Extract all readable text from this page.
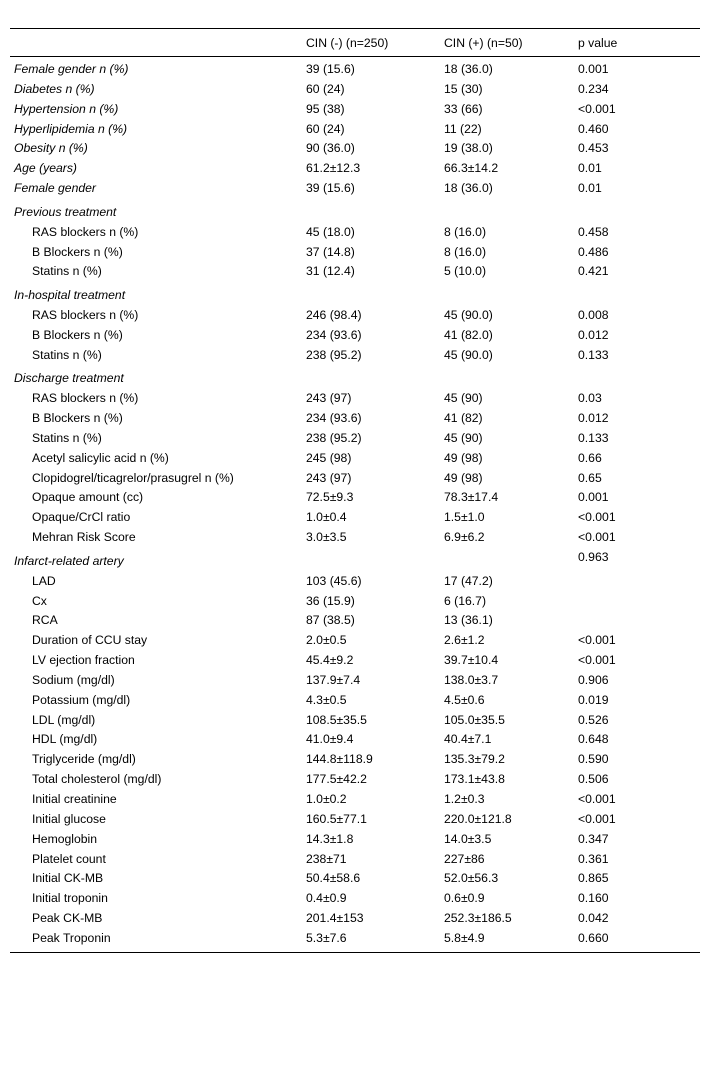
	CIN (-) (n=250)	CIN (+) (n=50)	p value
Female gender n (%)	39 (15.6)	18 (36.0)	0.001
Diabetes n (%)	60 (24)	15 (30)	0.234
Hypertension n (%)	95 (38)	33 (66)	<0.001
Hyperlipidemia n (%)	60 (24)	11 (22)	0.460
Obesity n (%)	90 (36.0)	19 (38.0)	0.453
Age (years)	61.2±12.3	66.3±14.2	0.01
Female gender	39 (15.6)	18 (36.0)	0.01
Previous treatment			
RAS blockers n (%)	45 (18.0)	8 (16.0)	0.458
B Blockers n (%)	37 (14.8)	8 (16.0)	0.486
Statins n (%)	31 (12.4)	5 (10.0)	0.421
In-hospital treatment			
RAS blockers n (%)	246 (98.4)	45 (90.0)	0.008
B Blockers n (%)	234 (93.6)	41 (82.0)	0.012
Statins n (%)	238 (95.2)	45 (90.0)	0.133
Discharge treatment			
RAS blockers n (%)	243 (97)	45 (90)	0.03
B Blockers n (%)	234 (93.6)	41 (82)	0.012
Statins n (%)	238 (95.2)	45 (90)	0.133
Acetyl salicylic acid n (%)	245 (98)	49 (98)	0.66
Clopidogrel/ticagrelor/prasugrel n (%)	243 (97)	49 (98)	0.65
Opaque amount (cc)	72.5±9.3	78.3±17.4	0.001
Opaque/CrCl ratio	1.0±0.4	1.5±1.0	<0.001
Mehran Risk Score	3.0±3.5	6.9±6.2	<0.001
Infarct-related artery			0.963
LAD	103 (45.6)	17 (47.2)	
Cx	36 (15.9)	6 (16.7)	
RCA	87 (38.5)	13 (36.1)	
Duration of CCU stay	2.0±0.5	2.6±1.2	<0.001
LV ejection fraction	45.4±9.2	39.7±10.4	<0.001
Sodium (mg/dl)	137.9±7.4	138.0±3.7	0.906
Potassium (mg/dl)	4.3±0.5	4.5±0.6	0.019
LDL (mg/dl)	108.5±35.5	105.0±35.5	0.526
HDL (mg/dl)	41.0±9.4	40.4±7.1	0.648
Triglyceride (mg/dl)	144.8±118.9	135.3±79.2	0.590
Total cholesterol (mg/dl)	177.5±42.2	173.1±43.8	0.506
Initial creatinine	1.0±0.2	1.2±0.3	<0.001
Initial glucose	160.5±77.1	220.0±121.8	<0.001
Hemoglobin	14.3±1.8	14.0±3.5	0.347
Platelet count	238±71	227±86	0.361
Initial CK-MB	50.4±58.6	52.0±56.3	0.865
Initial troponin	0.4±0.9	0.6±0.9	0.160
Peak CK-MB	201.4±153	252.3±186.5	0.042
Peak Troponin	5.3±7.6	5.8±4.9	0.660
